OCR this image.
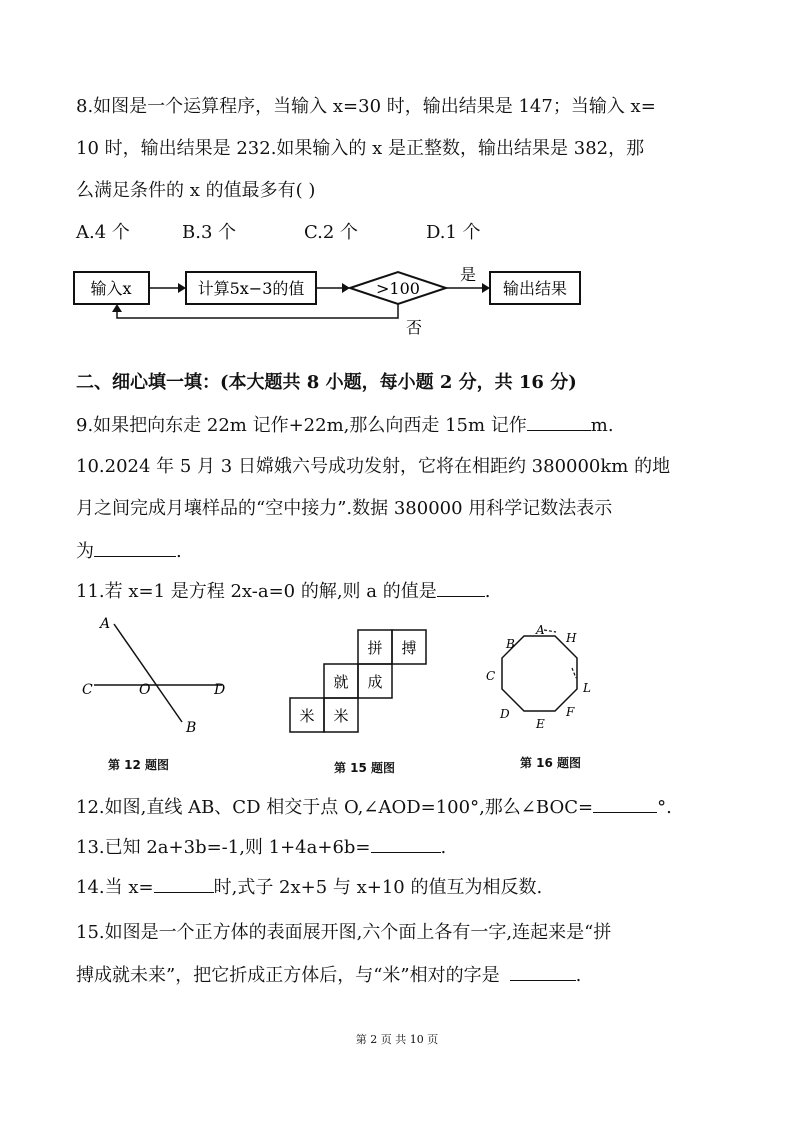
8.如图是一个运算程序，当输入 x=30 时，输出结果是 147；当输入 x=
10 时，输出结果是 232.如果输入的 x 是正整数，输出结果是 382，那
么满足条件的 x 的值最多有( )
A.4 个	B.3 个	C.2 个	D.1 个
输入x	计算5x−3的值	>100
是
输出结果
否
二、细心填一填：(本大题共 8 小题，每小题 2 分，共 16 分)
9.如果把向东走 22m 记作+22m,那么向西走 15m 记作	m.
10.2024 年 5 月 3 日嫦娥六号成功发射，它将在相距约 380000km 的地
月之间完成月壤样品的“空中接力”.数据 380000 用科学记数法表示
为	.
11.若 x=1 是方程 2x-a=0 的解,则 a 的值是	.
A
B
C	D
O
第 12 题图
拼 搏
就 成
米 米
第 15 题图
A
H
L
F
E
D
C
B
第 16 题图
12.如图,直线 AB、CD 相交于点 O,∠AOD=100°,那么∠BOC=	°.
13.已知 2a+3b=-1,则 1+4a+6b=	.
14.当 x=	时,式子 2x+5 与 x+10 的值互为相反数.
15.如图是一个正方体的表面展开图,六个面上各有一字,连起来是“拼
搏成就未来”，把它折成正方体后，与“米”相对的字是	.
第 2 页 共 10 页
